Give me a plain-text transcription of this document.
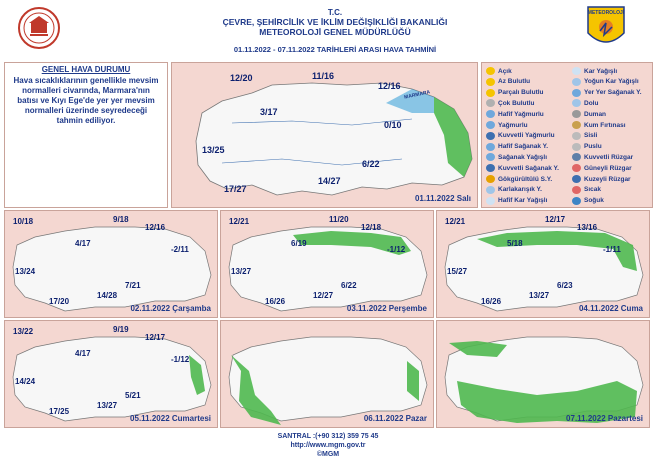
T.C.
ÇEVRE, ŞEHİRCİLİK VE İKLİM DEĞİŞİKLİĞİ BAKANLIĞI
METEOROLOJİ GENEL MÜDÜRLÜĞÜ
01.11.2022 - 07.11.2022 TARİHLERİ ARASI HAVA TAHMİNİ
METEOROLOJİ
GENEL HAVA DURUMU
Hava sıcaklıklarının genellikle mevsim normalleri civarında, Marmara'nın batısı ve Kıyı Ege'de yer yer mevsim normalleri üzerinde seyredeceği tahmin ediliyor.
12/20	11/16
12/16
3/17
0/10
13/25
6/22
17/27
14/27
MARMARA
01.11.2022 Salı
Açık
Az Bulutlu
Parçalı Bulutlu
Çok Bulutlu
Hafif Yağmurlu
Yağmurlu
Kuvvetli Yağmurlu
Hafif Sağanak Y.
Sağanak Yağışlı
Kuvvetli Sağanak Y.
Gökgürültülü S.Y.
Karlakarışık Y.
Hafif Kar Yağışlı
Kar Yağışlı
Yoğun Kar Yağışlı
Yer Yer Sağanak Y.
Dolu
Duman
Kum Fırtınası
Sisli
Puslu
Kuvvetli Rüzgar
Güneyli Rüzgar
Kuzeyli Rüzgar
Sıcak
Soğuk
10/18	9/18
12/16
4/17
-2/11
13/24
7/21
17/20
14/28
02.11.2022 Çarşamba
12/21	11/20
12/18
6/19
-1/12
13/27
6/22
16/26
12/27
03.11.2022 Perşembe
12/21	12/17
13/16
5/18
-1/11
15/27
6/23
16/26
13/27
04.11.2022 Cuma
13/22	9/19
12/17
4/17
-1/12
14/24
5/21
17/25
13/27
05.11.2022 Cumartesi	06.11.2022 Pazar	07.11.2022 Pazartesi
SANTRAL :(+90 312) 359 75 45
http://www.mgm.gov.tr
©MGM
